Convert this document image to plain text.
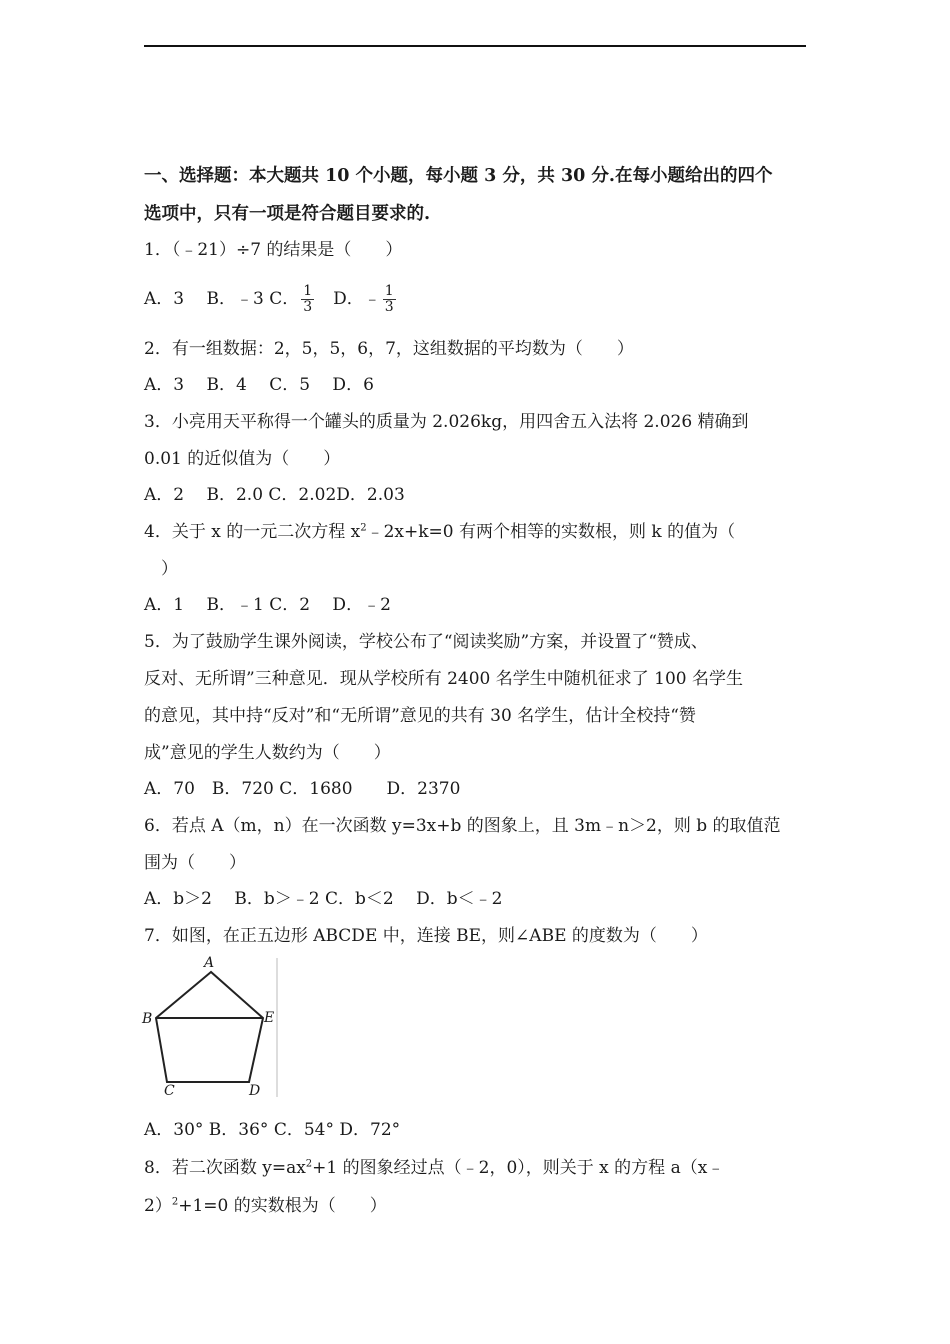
一、选择题：本大题共 10 个小题，每小题 3 分，共 30 分.在每小题给出的四个
选项中，只有一项是符合题目要求的.
1．（﹣21）÷7 的结果是（　　）
A．3　 B．﹣3 C． $\frac{1}{3}$ 　D．﹣ $\frac{1}{3}$
2．有一组数据：2，5，5，6，7，这组数据的平均数为（　　）
A．3　 B．4　 C．5　 D．6
3．小亮用天平称得一个罐头的质量为 2.026kg，用四舍五入法将 2.026 精确到
0.01 的近似值为（　　）
A．2　 B．2.0 C．2.02D．2.03
4．关于 x 的一元二次方程 $x^2﹣2x+k=0$ 有两个相等的实数根，则 k 的值为（
　）
A．1　 B．﹣1 C．2　 D．﹣2
5．为了鼓励学生课外阅读，学校公布了“阅读奖励”方案，并设置了“赞成、
反对、无所谓”三种意见．现从学校所有 2400 名学生中随机征求了 100 名学生
的意见，其中持“反对”和“无所谓”意见的共有 30 名学生，估计全校持“赞
成”意见的学生人数约为（　　）
A．70　B．720 C．1680　　D．2370
6．若点 A（m，n）在一次函数 y=3x+b 的图象上，且 3m﹣n＞2，则 b 的取值范
围为（　　）
A．b＞2　 B．b＞﹣2 C．b＜2　 D．b＜﹣2
7．如图，在正五边形 ABCDE 中，连接 BE，则∠ABE 的度数为（　　）
A
B
C	D
E
A．30° B．36° C．54° D．72°
8．若二次函数 $y=ax^2+1$ 的图象经过点（﹣2，0），则关于 x 的方程 a（x﹣
2）$^2$+1=0 的实数根为（　　）
